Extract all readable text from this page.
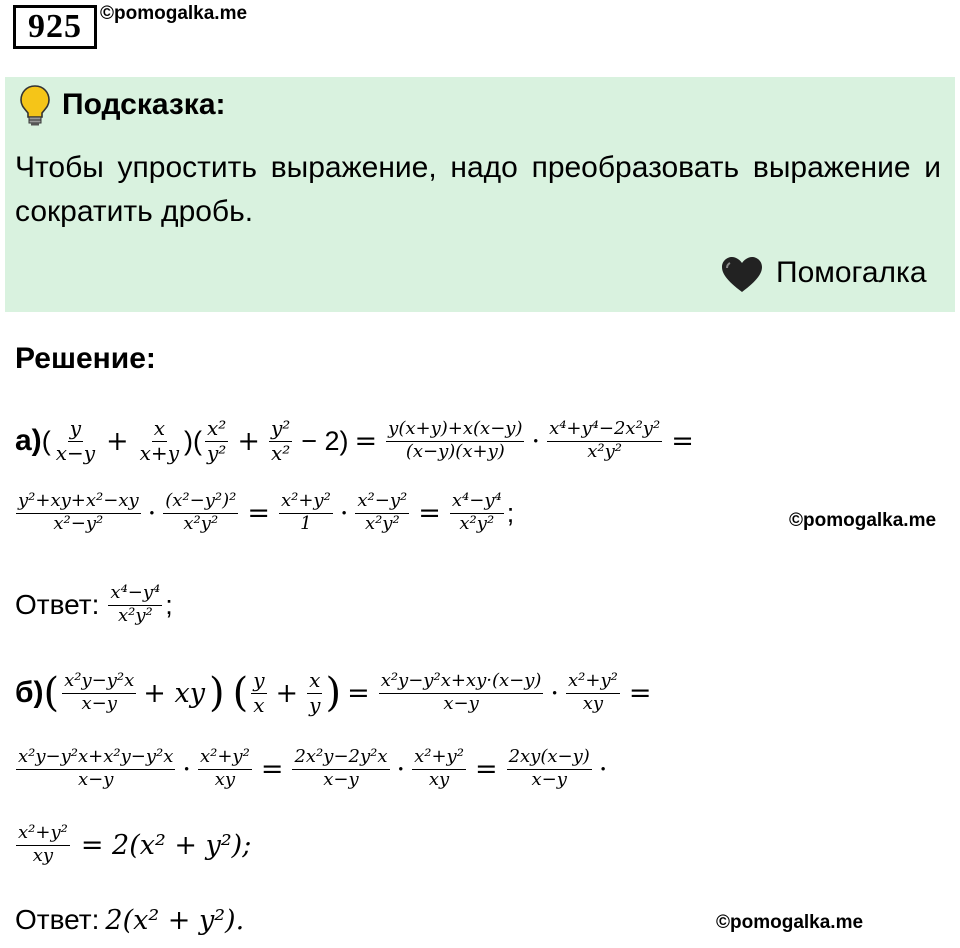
925 ©pomogalka.me
Подсказка:
Чтобы упростить выражение, надо преобразовать выражение и сократить дробь.
Помогалка
Решение:
а) ( $\frac{y}{x-y} + \frac{x}{x+y}$ )( $\frac{\text{x²}}{\text{y²}} + \frac{\text{y²}}{\text{x²}} - 2) = \frac{y(x+y)+x(x-y)}{(x-y)(x+y)} \cdot \frac{\text{x⁴+y⁴−2x²y²}}{\text{x²y²}}$ =
$\frac{\text{y²+xy+x²−xy}}{\text{x²−y²}} \cdot \frac{\text{(x²−y²)²}}{\text{x²y²}} = \frac{\text{x²+y²}}{1} \cdot \frac{\text{x²−y²}}{\text{x²y²}} = \frac{\text{x⁴−y⁴}}{\text{x²y²}}$ ;	©pomogalka.me
Ответ: $\frac{\text{x⁴−y⁴}}{\text{x²y²}}$ ;
б) ( $\frac{\text{x²y−y²x}}{x-y}$ + xy ) ( $\frac{y}{x} + \frac{x}{y}$ ) = $\frac{\text{x²y−y²x+xy·(x−y)}}{x-y} \cdot \frac{\text{x²+y²}}{xy}$ =
$\frac{\text{x²y−y²x+x²y−y²x}}{x-y} \cdot \frac{\text{x²+y²}}{xy} = \frac{\text{2x²y−2y²x}}{x-y} \cdot \frac{\text{x²+y²}}{xy} = \frac{2xy(x-y)}{x-y}$ ·
$\frac{\text{x²+y²}}{xy} = 2(x^2 + y^2)$;
Ответ: 2(x² + y²).	©pomogalka.me
